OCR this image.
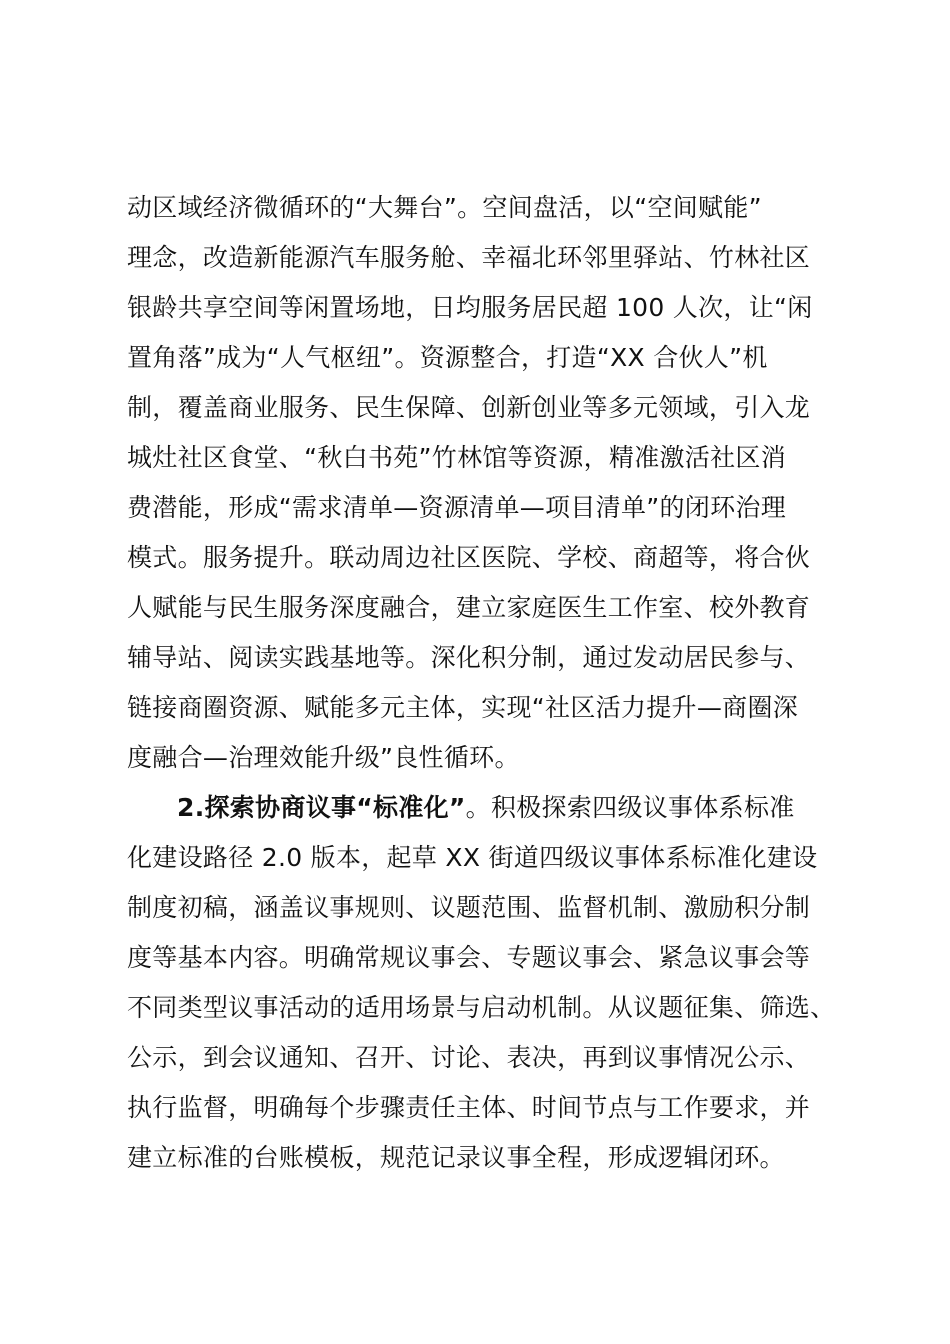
动区域经济微循环的“大舞台”。空间盘活，以“空间赋能”
理念，改造新能源汽车服务舱、幸福北环邻里驿站、竹林社区
银龄共享空间等闲置场地，日均服务居民超 100 人次，让“闲
置角落”成为“人气枢纽”。资源整合，打造“XX 合伙人”机
制，覆盖商业服务、民生保障、创新创业等多元领域，引入龙
城灶社区食堂、“秋白书苑”竹林馆等资源，精准激活社区消
费潜能，形成“需求清单—资源清单—项目清单”的闭环治理
模式。服务提升。联动周边社区医院、学校、商超等，将合伙
人赋能与民生服务深度融合，建立家庭医生工作室、校外教育
辅导站、阅读实践基地等。深化积分制，通过发动居民参与、
链接商圈资源、赋能多元主体，实现“社区活力提升—商圈深
度融合—治理效能升级”良性循环。
2.探索协商议事“标准化”。积极探索四级议事体系标准
化建设路径 2.0 版本，起草 XX 街道四级议事体系标准化建设
制度初稿，涵盖议事规则、议题范围、监督机制、激励积分制
度等基本内容。明确常规议事会、专题议事会、紧急议事会等
不同类型议事活动的适用场景与启动机制。从议题征集、筛选、
公示，到会议通知、召开、讨论、表决，再到议事情况公示、
执行监督，明确每个步骤责任主体、时间节点与工作要求，并
建立标准的台账模板，规范记录议事全程，形成逻辑闭环。
